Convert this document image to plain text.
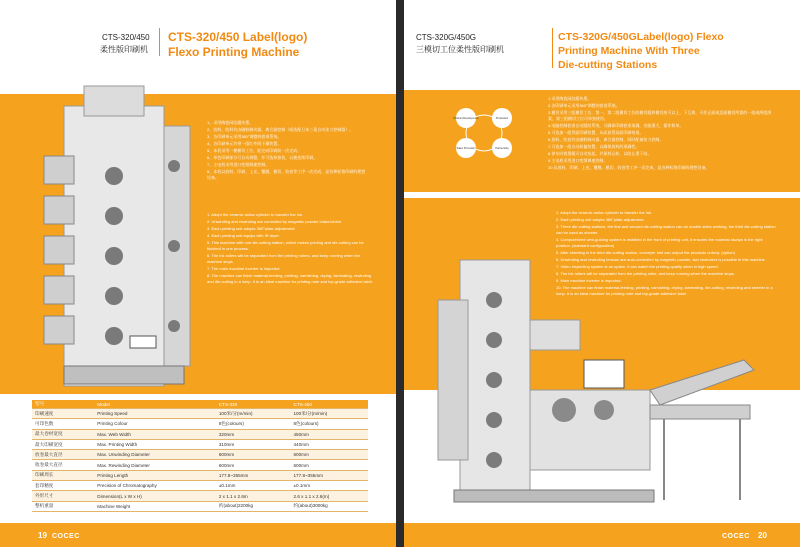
CTS-320/450
柔性版印刷机
CTS-320/450 Label(logo)
Flexo Printing Machine

1、采用陶瓷网纹辊传墨。

2、放料、收料均由磁粉制动器、离合器控制（或选配日本三菱自动张力控制器）。

3、各印刷单元采用360°调整的套准系统。

4、各印刷单元均带一组红外线干燥装置。

5、本机采用一模横切工位，能完成印刷前一次完成。

6、单色印刷部分可自动调整，并可选择加装，以便连续印刷。

7、主电机采用进口变频调速控制。

8、本机以放料、印刷、上光、覆膜、模切、收卷等工序一次完成，是各种标签印刷的理想设备。

1. Adopt the ceramic anilox cylinder to transfer the ink.

2. Unwinding and rewinding are controlled by magnetic powder brake/clutch.

3. Each printing unit adopts 360°plate-adjustment.

4. Each printing unit equips with IR dryer.

5. This machine with one die-cutting station, which makes printing and die-cutting can be finished in one process.

6. The ink rollers will be separated from the printing rollers, and keep running when the machine stops.

7. The main machine inverter is imported.

8. The machine can finish material-feeding, printing, varnishing, drying, laminating, rewinding and die-cutting in a lump. It is an ideal machine for printing note and top-grade adhesive label.

型号	Model	CTS-320	CTS-450
印刷速度	Printing Speed	100米/分(m/min)	100米/分(m/min)
可印色数	Printing Colour	8色(colours)	8色(colours)
最大卷材宽度	Max. Web Width	320mm	450mm
最大印刷宽度	Max. Printing Width	310mm	440mm
放卷最大直径	Max. Unwinding Diameter	600mm	600mm
收卷最大直径	Max. Rewinding Diameter	600mm	600mm
印刷周长	Printing Length	177.8~355mm	177.8~355mm
套印精度	Precision of Chromatography	±0.1mm	±0.1mm
外形尺寸	Dimension(L x W x H)	2 x 1.1 x 2.6m	2.6 x 1.1 x 2.6(m)
整机重量	Machine Weight	约(about)2200kg	约(about)3000kg
19 COCEC
CTS-320G/450G
三模切工位柔性版印刷机
CTS-320G/450GLabel(logo) Flexo
Printing Machine With Three
Die-cutting Stations
Product Development	Production
Sales Promotion	Partnership

1.采用陶瓷网纹辊传墨。

2.各印刷单元采用360°调整的套准系统。

3.模切采用三组模切工位，第一、第二组模切工位的模切辊和模切座可以上、下互换，可作正面或反面模切所需的一组或两组图案，第三组模切工位可单独使用。

4.电脑控制套准自动跟踪系统，可确保印刷套准准确，功能强大，操作简单。

5.可选加一组背面印刷装置，从而获得双面印刷效果。

6.放料、收卷均由磁粉制动器、离合器控制，同时配备张力控制。

7.可选加一组自动纠偏装置，以确保放料的准确性。

8.停车时着墨辊可自动抬起，并保持运转，以防止墨干结。

9.主电机采用进口变频调速控制。

10.从放料、印刷、上光、覆膜、模切、收卷等工序一次完成，是各种标签印刷的理想设备。

1. Adopt the ceramic anilox cylinder to transfer the ink.

2. Each printing unit adopts 360°plate-adjustment.

3. Three die-cutting stations, the first and second die-cutting station can do double sides working, the third die-cutting station can be used as sheeter.

4. Computerized web-guiding system is installed in the front of printing unit, it ensures the material always in the right position. (standard configuration)

5. After sheeting in the third die-cutting station, conveyer belt can output the products orderly. (option)

6. Unwinding and rewinding tension are auto-controlled by magnetic powder, two rewinders is possible in this machine.

7. Video inspecting system is an option, it can watch the printing quality when in high speed.

8. The ink rollers will be separated from the printing roller, and keep running when the machine stops.

9. Main machine inverter is imported.

10. The machine can finish material-feeding, printing, varnishing, drying, laminating, die-cutting, rewinding and sheeter in a lump. It is an ideal machine for printing note and top-grade adhesive label.

COCEC 20
